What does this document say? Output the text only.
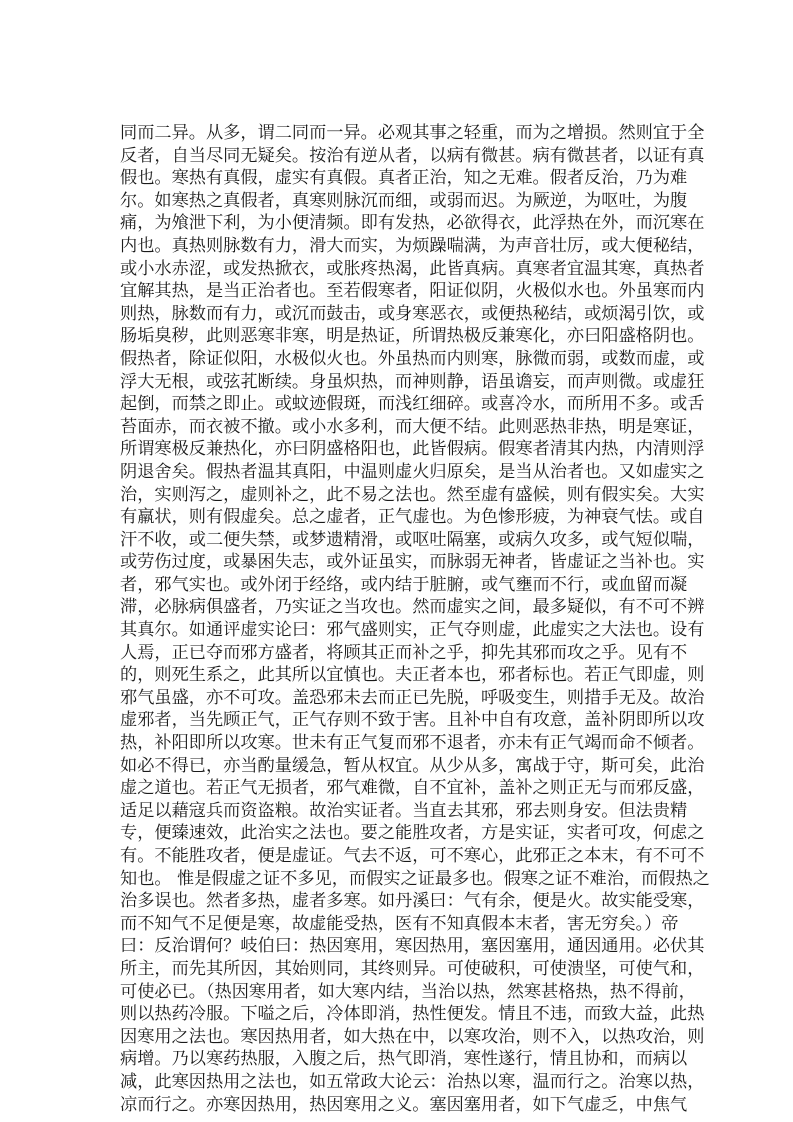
同而二异。从多，谓二同而一异。必观其事之轻重，而为之增损。然则宜于全
反者，自当尽同无疑矣。按治有逆从者，以病有微甚。病有微甚者，以证有真
假也。寒热有真假，虚实有真假。真者正治，知之无难。假者反治，乃为难
尔。如寒热之真假者，真寒则脉沉而细，或弱而迟。为厥逆，为呕吐，为腹
痛，为飧泄下利，为小便清频。即有发热，必欲得衣，此浮热在外，而沉寒在
内也。真热则脉数有力，滑大而实，为烦躁喘满，为声音壮厉，或大便秘结，
或小水赤涩，或发热掀衣，或胀疼热渴，此皆真病。真寒者宜温其寒，真热者
宜解其热，是当正治者也。至若假寒者，阳证似阴，火极似水也。外虽寒而内
则热，脉数而有力，或沉而鼓击，或身寒恶衣，或便热秘结，或烦渴引饮，或
肠垢臭秽，此则恶寒非寒，明是热证，所谓热极反兼寒化，亦曰阳盛格阴也。
假热者，除证似阳，水极似火也。外虽热而内则寒，脉微而弱，或数而虚，或
浮大无根，或弦芤断续。身虽炽热，而神则静，语虽谵妄，而声则微。或虚狂
起倒，而禁之即止。或蚊迹假斑，而浅红细碎。或喜冷水，而所用不多。或舌
苔面赤，而衣被不撤。或小水多利，而大便不结。此则恶热非热，明是寒证，
所谓寒极反兼热化，亦曰阴盛格阳也，此皆假病。假寒者清其内热，内清则浮
阴退舍矣。假热者温其真阳，中温则虚火归原矣，是当从治者也。又如虚实之
治，实则泻之，虚则补之，此不易之法也。然至虚有盛候，则有假实矣。大实
有羸状，则有假虚矣。总之虚者，正气虚也。为色惨形疲，为神衰气怯。或自
汗不收，或二便失禁，或梦遗精滑，或呕吐隔塞，或病久攻多，或气短似喘，
或劳伤过度，或暴困失志，或外证虽实，而脉弱无神者，皆虚证之当补也。实
者，邪气实也。或外闭于经络，或内结于脏腑，或气壅而不行，或血留而凝
滞，必脉病俱盛者，乃实证之当攻也。然而虚实之间，最多疑似，有不可不辨
其真尔。如通评虚实论曰：邪气盛则实，正气夺则虚，此虚实之大法也。设有
人焉，正已夺而邪方盛者，将顾其正而补之乎，抑先其邪而攻之乎。见有不
的，则死生系之，此其所以宜慎也。夫正者本也，邪者标也。若正气即虚，则
邪气虽盛，亦不可攻。盖恐邪未去而正已先脱，呼吸变生，则措手无及。故治
虚邪者，当先顾正气，正气存则不致于害。且补中自有攻意，盖补阴即所以攻
热，补阳即所以攻寒。世未有正气复而邪不退者，亦未有正气竭而命不倾者。
如必不得已，亦当酌量缓急，暂从权宜。从少从多，寓战于守，斯可矣，此治
虚之道也。若正气无损者，邪气难微，自不宜补，盖补之则正无与而邪反盛，
适足以藉寇兵而资盗粮。故治实证者。当直去其邪，邪去则身安。但法贵精
专，便臻速效，此治实之法也。要之能胜攻者，方是实证，实者可攻，何虑之
有。不能胜攻者，便是虚证。气去不返，可不寒心，此邪正之本末，有不可不
知也。 惟是假虚之证不多见，而假实之证最多也。假寒之证不难治，而假热之
治多误也。然者多热，虚者多寒。如丹溪曰：气有余，便是火。故实能受寒，
而不知气不足便是寒，故虚能受热，医有不知真假本末者，害无穷矣。）帝
曰：反治谓何？岐伯曰：热因寒用，寒因热用，塞因塞用，通因通用。必伏其
所主，而先其所因，其始则同，其终则异。可使破积，可使溃坚，可使气和，
可使必已。（热因寒用者，如大寒内结，当治以热，然寒甚格热，热不得前，
则以热药冷服。下嗌之后，冷体即消，热性便发。情且不违，而致大益，此热
因寒用之法也。寒因热用者，如大热在中，以寒攻治，则不入，以热攻治，则
病增。乃以寒药热服，入腹之后，热气即消，寒性遂行，情且协和，而病以
减，此寒因热用之法也，如五常政大论云：治热以寒，温而行之。治寒以热，
凉而行之。亦寒因热用，热因寒用之义。塞因塞用者，如下气虚乏，中焦气
